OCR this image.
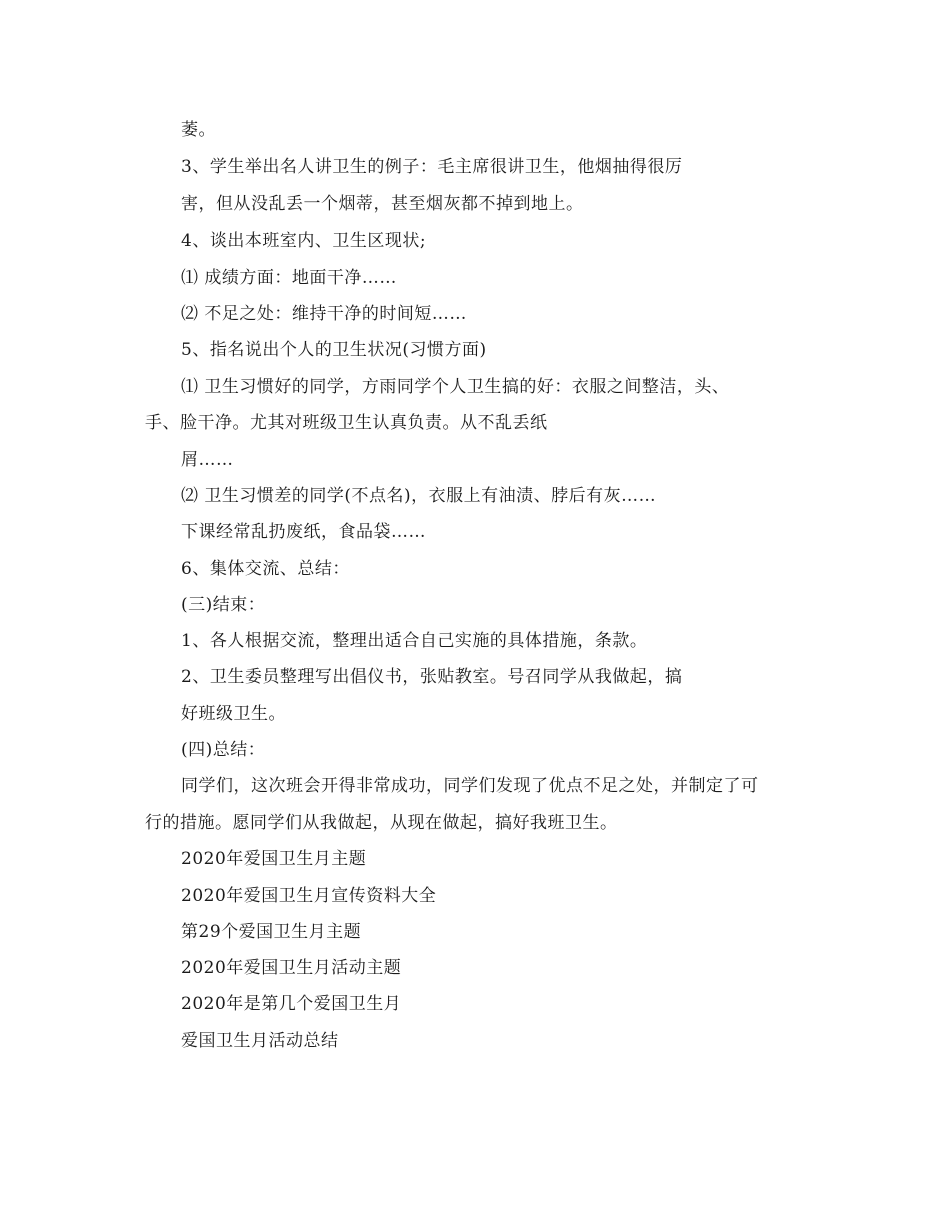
萎。
3、学生举出名人讲卫生的例子：毛主席很讲卫生，他烟抽得很厉
害，但从没乱丢一个烟蒂，甚至烟灰都不掉到地上。
4、谈出本班室内、卫生区现状;
⑴ 成绩方面：地面干净……
⑵ 不足之处：维持干净的时间短……
5、指名说出个人的卫生状况(习惯方面)
⑴ 卫生习惯好的同学，方雨同学个人卫生搞的好：衣服之间整洁，头、
手、脸干净。尤其对班级卫生认真负责。从不乱丢纸
屑……
⑵ 卫生习惯差的同学(不点名)，衣服上有油渍、脖后有灰……
下课经常乱扔废纸，食品袋……
6、集体交流、总结：
(三)结束：
1、各人根据交流，整理出适合自己实施的具体措施，条款。
2、卫生委员整理写出倡仪书，张贴教室。号召同学从我做起，搞
好班级卫生。
(四)总结：
同学们，这次班会开得非常成功，同学们发现了优点不足之处，并制定了可
行的措施。愿同学们从我做起，从现在做起，搞好我班卫生。
2020年爱国卫生月主题
2020年爱国卫生月宣传资料大全
第29个爱国卫生月主题
2020年爱国卫生月活动主题
2020年是第几个爱国卫生月
爱国卫生月活动总结
